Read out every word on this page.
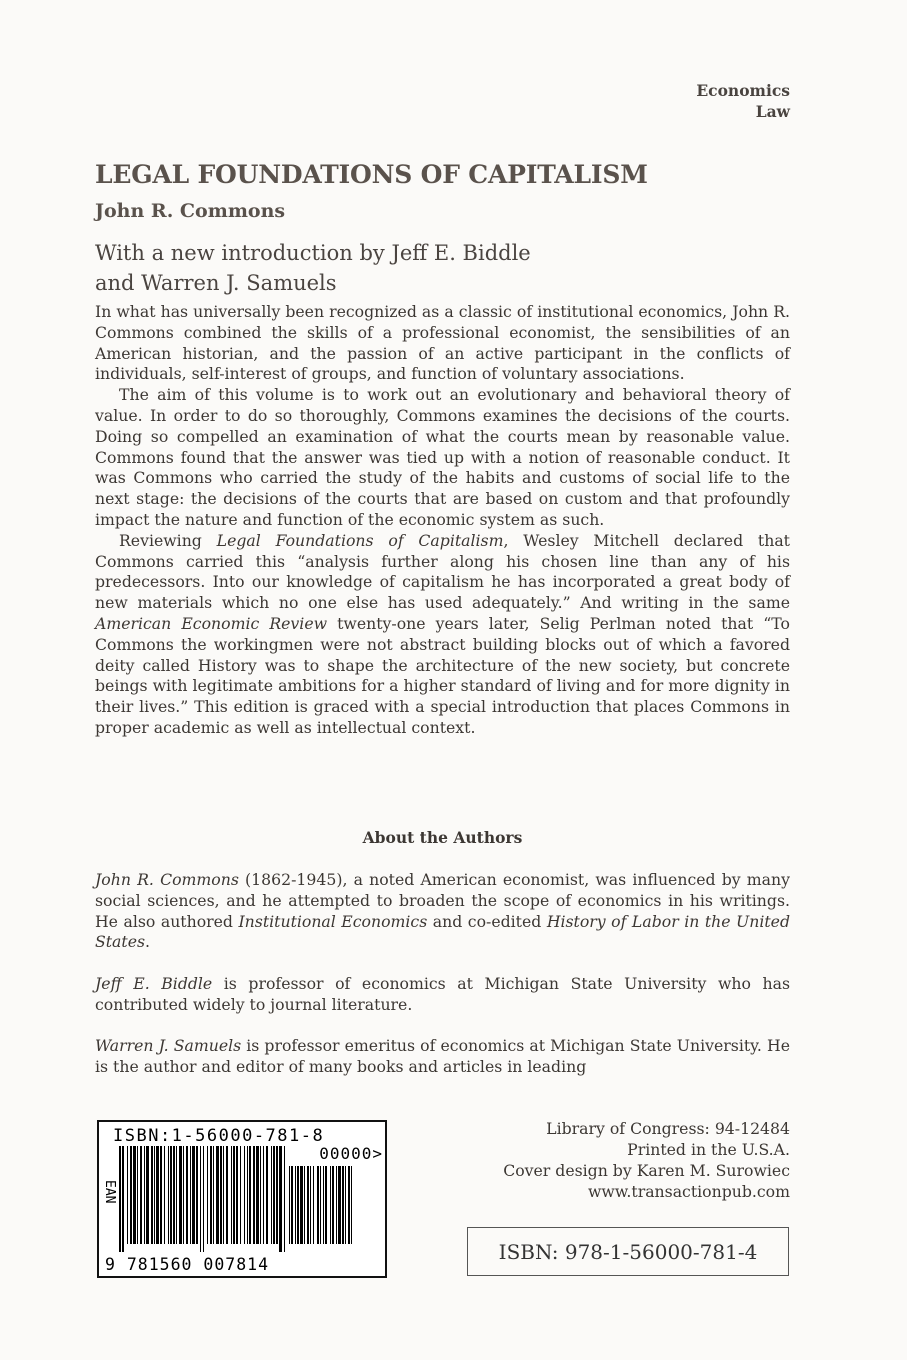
Economics
Law
LEGAL FOUNDATIONS OF CAPITALISM
John R. Commons
With a new introduction by Jeff E. Biddle
and Warren J. Samuels

In what has universally been recognized as a classic of institutional economics, John R. Commons combined the skills of a professional economist, the sensibilities of an American historian, and the passion of an active participant in the conflicts of individuals, self-interest of groups, and function of voluntary associations.

The aim of this volume is to work out an evolutionary and behavioral theory of value. In order to do so thoroughly, Commons examines the decisions of the courts. Doing so compelled an examination of what the courts mean by reasonable value. Commons found that the answer was tied up with a notion of reasonable conduct. It was Commons who carried the study of the habits and customs of social life to the next stage: the decisions of the courts that are based on custom and that profoundly impact the nature and function of the economic system as such.

Reviewing Legal Foundations of Capitalism, Wesley Mitchell declared that Commons carried this “analysis further along his chosen line than any of his predecessors. Into our knowledge of capitalism he has incorporated a great body of new materials which no one else has used adequately.” And writing in the same American Economic Review twenty-one years later, Selig Perlman noted that “To Commons the workingmen were not abstract building blocks out of which a favored deity called History was to shape the architecture of the new society, but concrete beings with legitimate ambitions for a higher standard of living and for more dignity in their lives.” This edition is graced with a special introduction that places Commons in proper academic as well as intellectual context.

About the Authors

John R. Commons (1862-1945), a noted American economist, was influenced by many social sciences, and he attempted to broaden the scope of economics in his writings. He also authored Institutional Economics and co-edited History of Labor in the United States.

Jeff E. Biddle is professor of economics at Michigan State University who has contributed widely to journal literature.

Warren J. Samuels is professor emeritus of economics at Michigan State University. He is the author and editor of many books and articles in leading

ISBN:1-56000-781-8
00000>
EAN
9 781560 007814
Library of Congress: 94-12484
Printed in the U.S.A.
Cover design by Karen M. Surowiec
www.transactionpub.com
ISBN: 978-1-56000-781-4
